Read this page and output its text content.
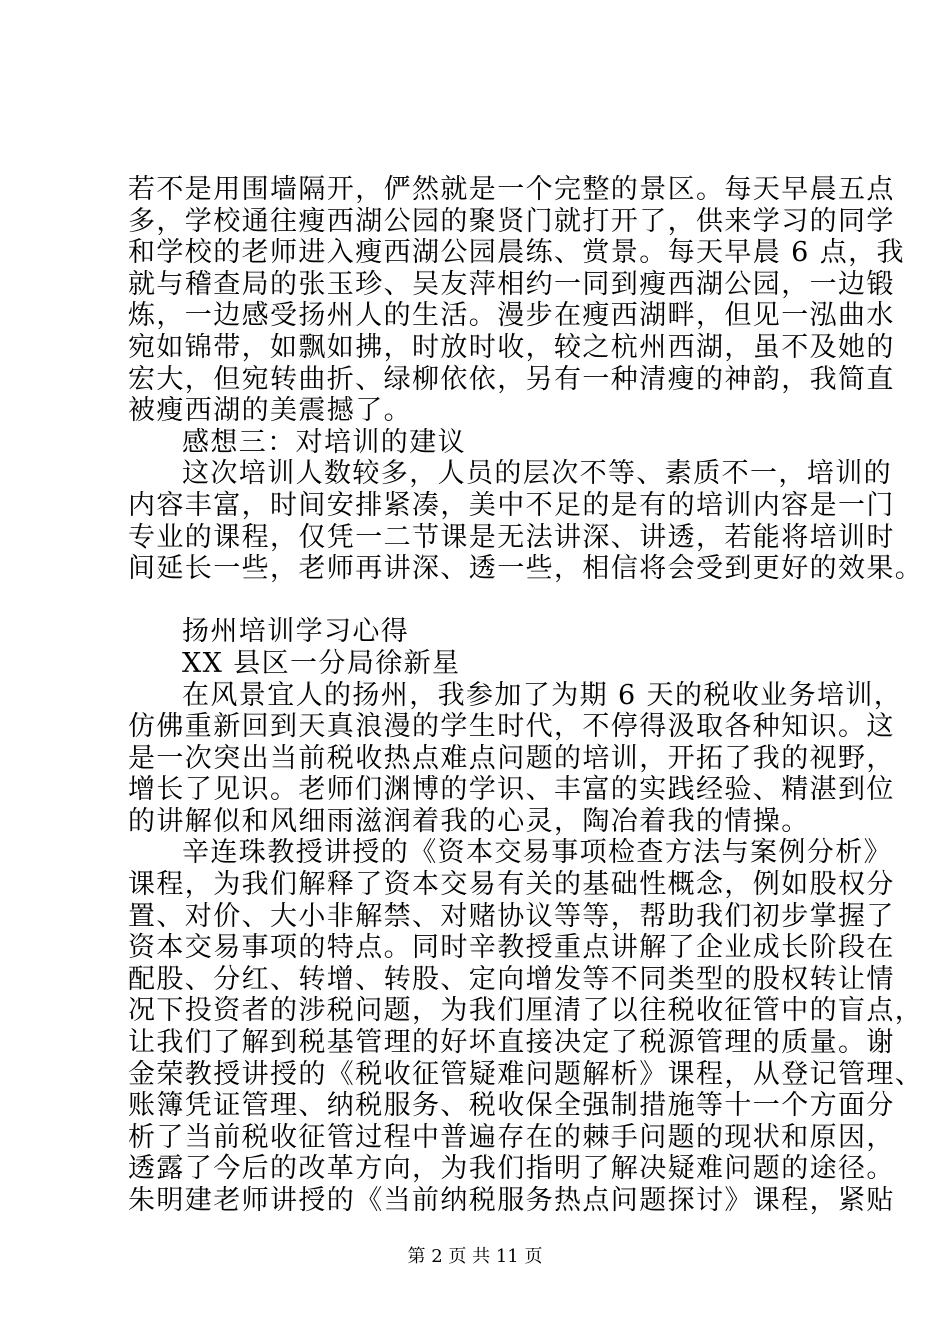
若不是用围墙隔开，俨然就是一个完整的景区。每天早晨五点
多，学校通往瘦西湖公园的聚贤门就打开了，供来学习的同学
和学校的老师进入瘦西湖公园晨练、赏景。每天早晨 6 点，我
就与稽查局的张玉珍、吴友萍相约一同到瘦西湖公园，一边锻
炼，一边感受扬州人的生活。漫步在瘦西湖畔，但见一泓曲水
宛如锦带，如飘如拂，时放时收，较之杭州西湖，虽不及她的
宏大，但宛转曲折、绿柳依依，另有一种清瘦的神韵，我简直
被瘦西湖的美震撼了。
感想三：对培训的建议
这次培训人数较多，人员的层次不等、素质不一，培训的
内容丰富，时间安排紧凑，美中不足的是有的培训内容是一门
专业的课程，仅凭一二节课是无法讲深、讲透，若能将培训时
间延长一些，老师再讲深、透一些，相信将会受到更好的效果。
扬州培训学习心得
XX 县区一分局徐新星
在风景宜人的扬州，我参加了为期 6 天的税收业务培训，
仿佛重新回到天真浪漫的学生时代，不停得汲取各种知识。这
是一次突出当前税收热点难点问题的培训，开拓了我的视野，
增长了见识。老师们渊博的学识、丰富的实践经验、精湛到位
的讲解似和风细雨滋润着我的心灵，陶冶着我的情操。
辛连珠教授讲授的《资本交易事项检查方法与案例分析》
课程，为我们解释了资本交易有关的基础性概念，例如股权分
置、对价、大小非解禁、对赌协议等等，帮助我们初步掌握了
资本交易事项的特点。同时辛教授重点讲解了企业成长阶段在
配股、分红、转增、转股、定向增发等不同类型的股权转让情
况下投资者的涉税问题，为我们厘清了以往税收征管中的盲点，
让我们了解到税基管理的好坏直接决定了税源管理的质量。谢
金荣教授讲授的《税收征管疑难问题解析》课程，从登记管理、
账簿凭证管理、纳税服务、税收保全强制措施等十一个方面分
析了当前税收征管过程中普遍存在的棘手问题的现状和原因，
透露了今后的改革方向，为我们指明了解决疑难问题的途径。
朱明建老师讲授的《当前纳税服务热点问题探讨》课程，紧贴
第 2 页 共 11 页
